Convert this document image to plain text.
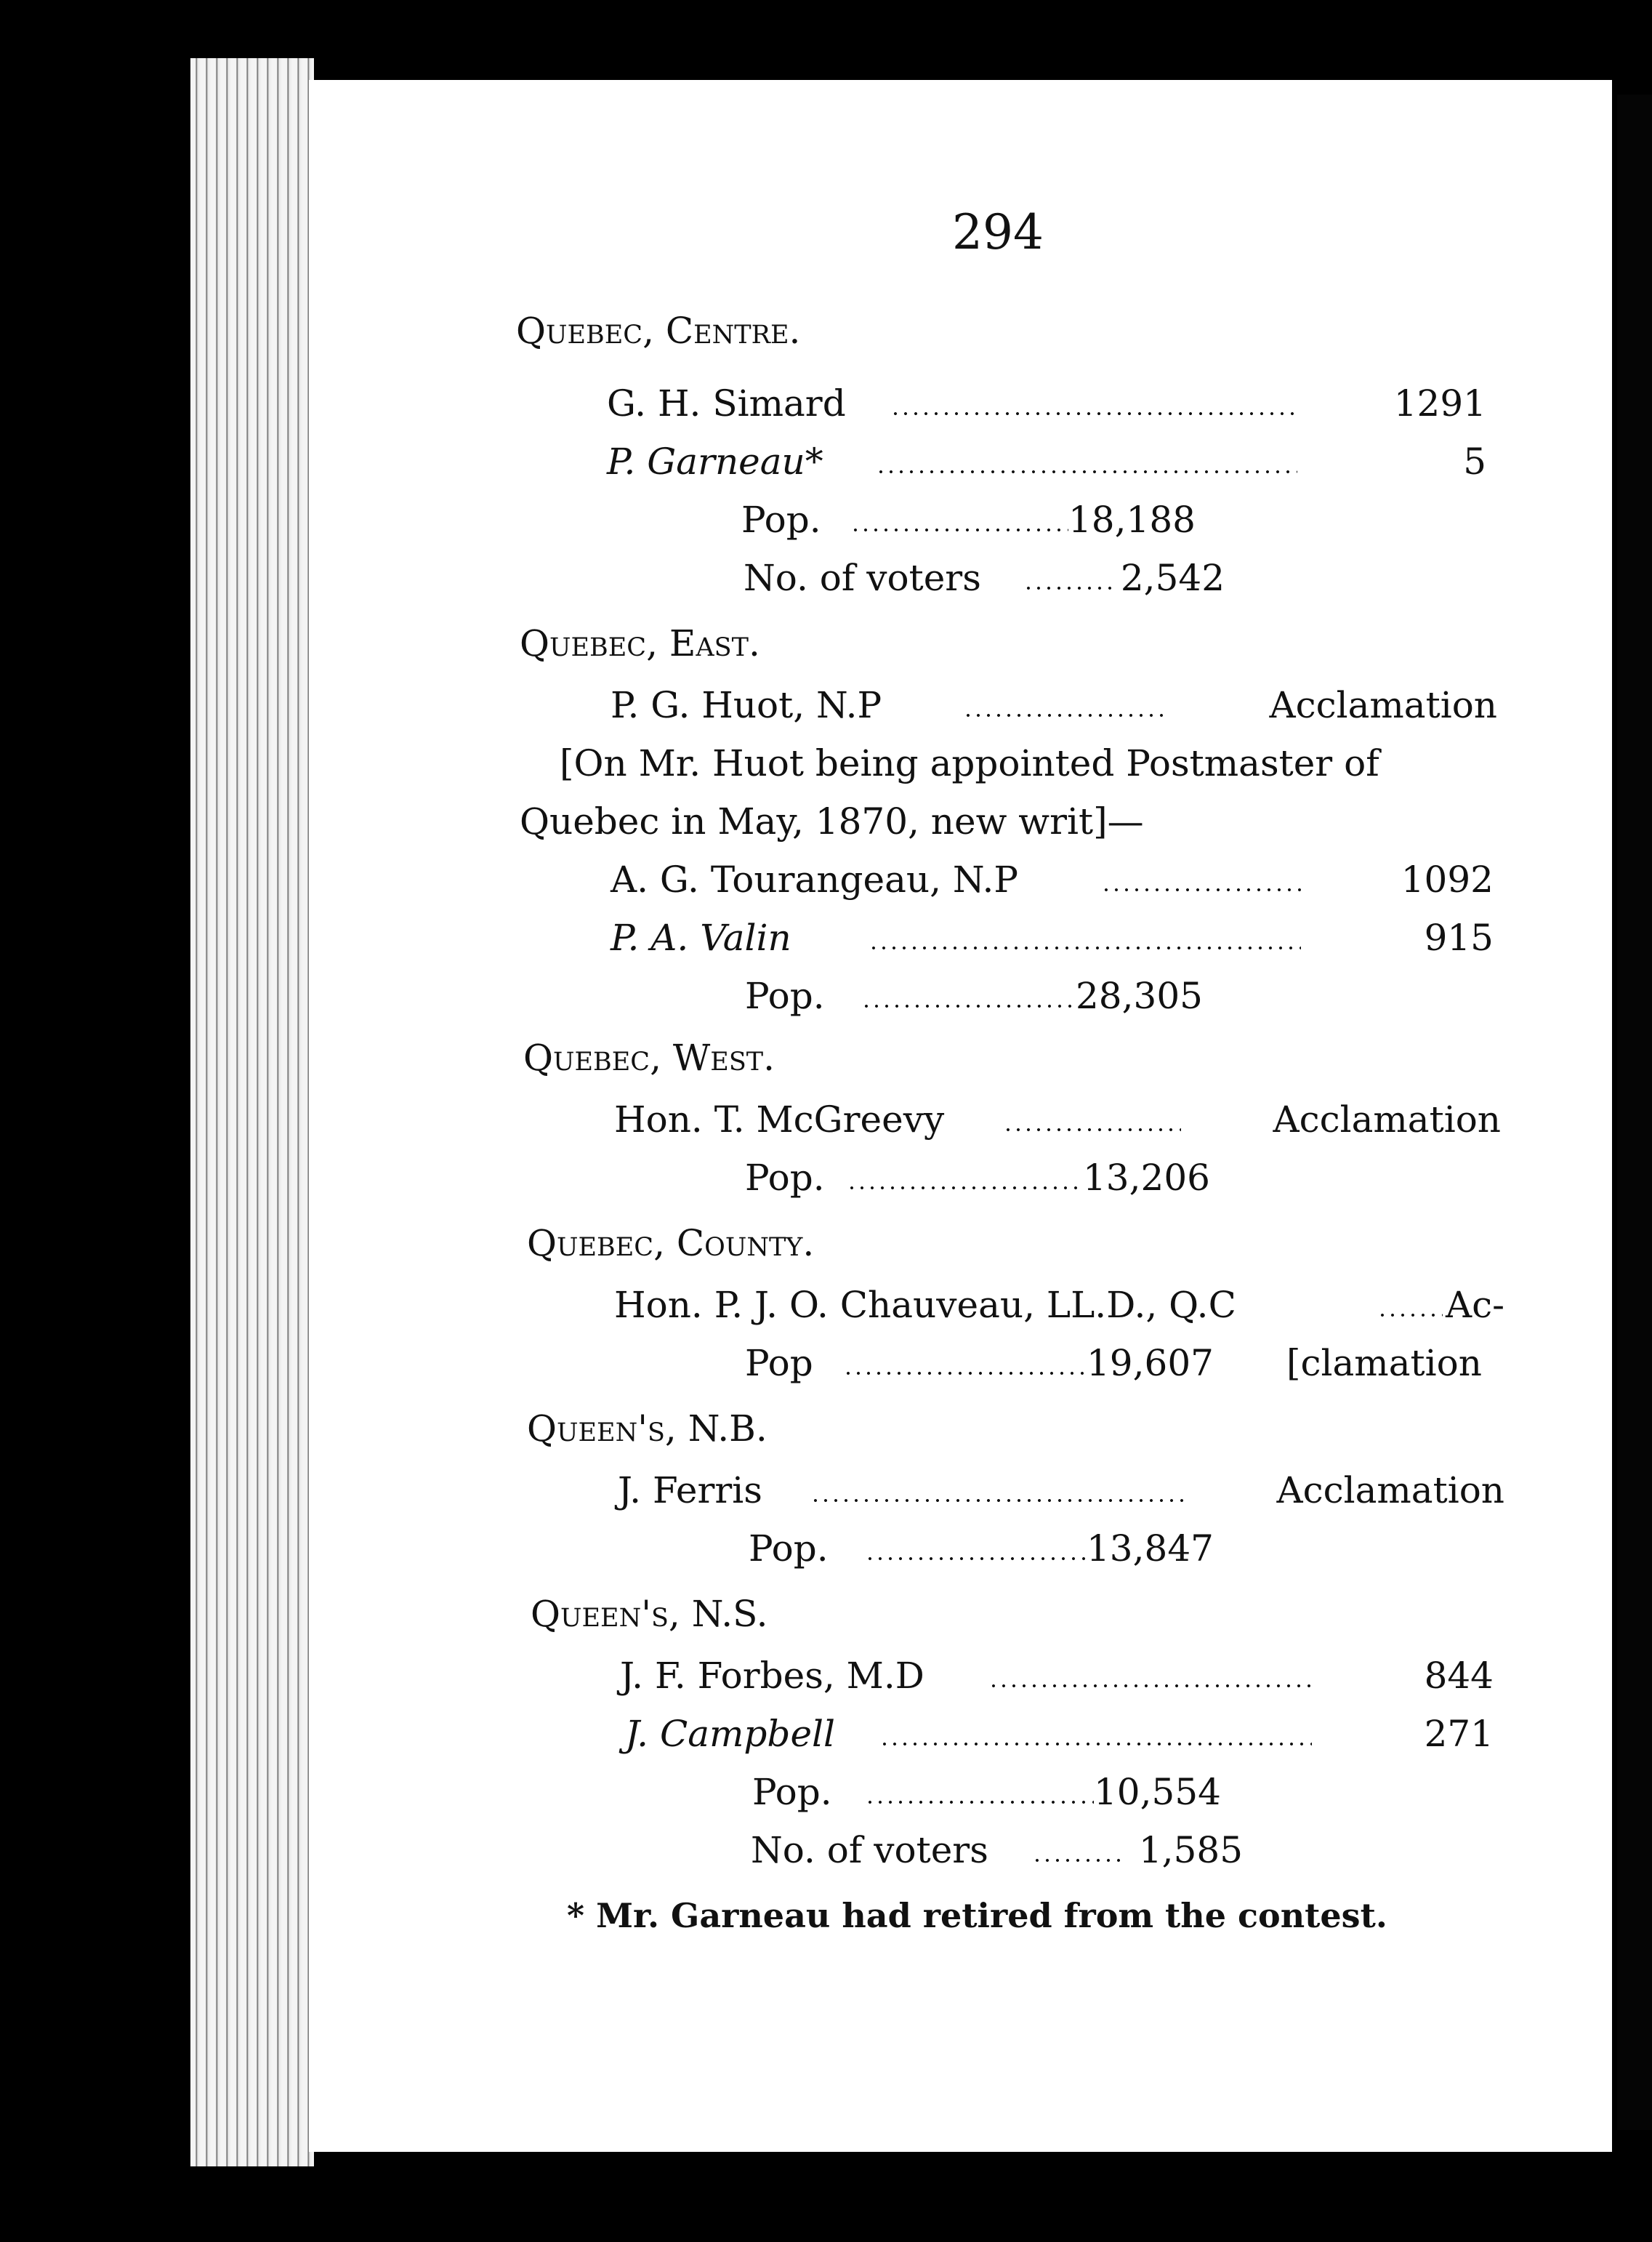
294
Quebec, Centre.
G. H. Simard	1291
P. Garneau*	5
Pop.	18,188
No. of voters	2,542
Quebec, East.
P. G. Huot, N.P	Acclamation
[On Mr. Huot being appointed Postmaster of
Quebec in May, 1870, new writ]—
A. G. Tourangeau, N.P	1092
P. A. Valin	915
Pop.	28,305
Quebec, West.
Hon. T. McGreevy	Acclamation
Pop.	13,206
Quebec, County.
Hon. P. J. O. Chauveau, LL.D., Q.C	Ac-
Pop	19,607	[clamation
Queen's, N.B.
J. Ferris	Acclamation
Pop.	13,847
Queen's, N.S.
J. F. Forbes, M.D	844
J. Campbell	271
Pop.	10,554
No. of voters	1,585
* Mr. Garneau had retired from the contest.
